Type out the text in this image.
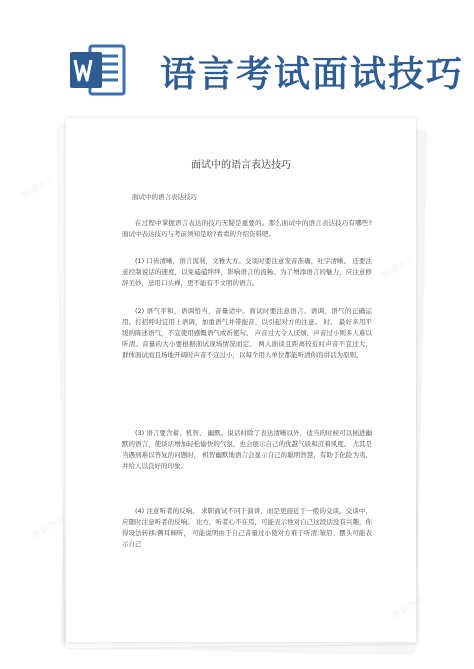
语言考试面试技巧
面试中的语言表达技巧
面试中的语言表达技巧
在过程中掌握语言表达的技巧无疑是重要的。那么面试中的语言表达技巧有哪些?面试中表达技巧与考前须知是啥?看看的介绍资料吧。
(1) 口齿清晰，语言流利，文雅大方。交谈时要注意发音准确，吐字清晰。 还要注意控制说话的速度，以免磕磕绊绊，影响语言的流畅。为了增添语言的魅力，应注意修辞美妙，忌用口头禅，更不能有不文明的语言。
(2) 语气平和，语调恰当，音量适中。面试时要注意语言、语调、语气的正确运用。打招呼时宜用上语调，加重语气并带拖音，以引起对方的注意。 时。 最好多用平缓的陈述语气，不宜使用感慨语气或祈使句。 声音过大令人厌烦，声音过小则多人难以听清。音量的大小要根据面试现场情况而定。 两人面谈且距离较近时声音不宜过大， 群体面试而且场地开阔时声音不宜过小，以每个用人单位都能听清你的讲话为原则。
(3) 语言要含蓄、机智、 幽默。说话时除了表达清晰以外，适当的时候可以插进幽默的语言，使谈话增加轻松愉快的气氛，也会展示自己的优越气质和沉着风度。 尤其是当遇到难以答复的问题时， 机智幽默地语言会显示自己的聪明智慧，有助于化险为夷，并给人以良好的印象。
(4) 注意听者的反响。 求职面试不同于演讲，而是更接近于一般的交谈。交谈中，应随时注意听者的反响。 比方，听者心不在焉，可能表示他对自己这段话没有兴趣，你得设法转移;侧耳倾听， 可能说明由于自己音量过小使对方难于听清;皱眉、摆头可能表示自己
熊猫办公
熊猫办公
